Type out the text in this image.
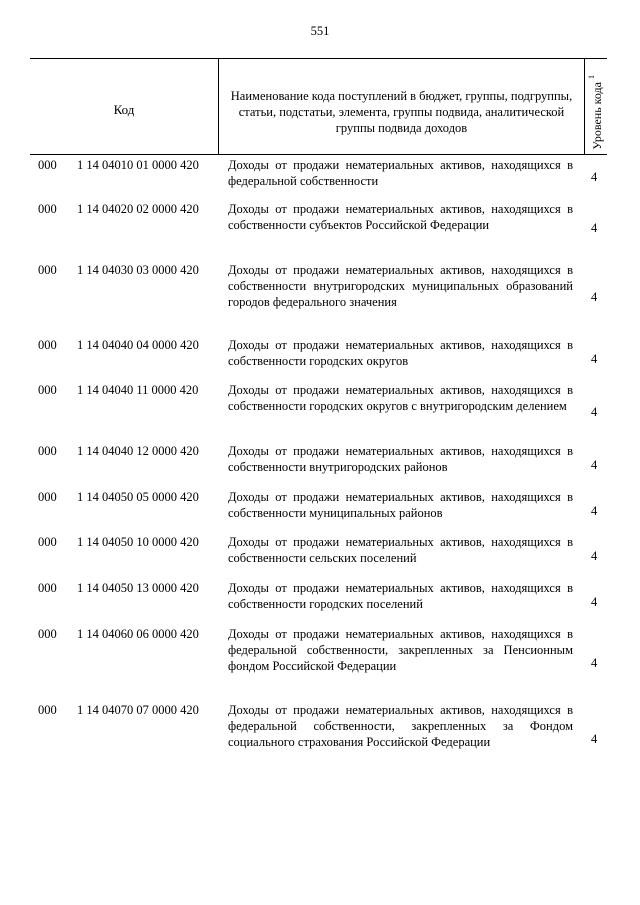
551
Код
Наименование кода поступлений в бюджет, группы, подгруппы, статьи, подстатьи, элемента, группы подвида, аналитической группы подвида доходов	Уровень кода $^1$
000 1 14 04010 01 0000 420 Доходы от продажи нематериальных активов, находящихся в федеральной собственности	4
000 1 14 04020 02 0000 420 Доходы от продажи нематериальных активов, находящихся в собственности субъектов Российской Федерации	4
000 1 14 04030 03 0000 420 Доходы от продажи нематериальных активов, находящихся в собственности внутригородских муниципальных образований городов федерального значения	4
000 1 14 04040 04 0000 420 Доходы от продажи нематериальных активов, находящихся в собственности городских округов	4
000 1 14 04040 11 0000 420 Доходы от продажи нематериальных активов, находящихся в собственности городских округов с внутригородским делением	4
000 1 14 04040 12 0000 420 Доходы от продажи нематериальных активов, находящихся в собственности внутригородских районов	4
000 1 14 04050 05 0000 420 Доходы от продажи нематериальных активов, находящихся в собственности муниципальных районов	4
000 1 14 04050 10 0000 420 Доходы от продажи нематериальных активов, находящихся в собственности сельских поселений	4
000 1 14 04050 13 0000 420 Доходы от продажи нематериальных активов, находящихся в собственности городских поселений	4
000 1 14 04060 06 0000 420 Доходы от продажи нематериальных активов, находящихся в федеральной собственности, закрепленных за Пенсионным фондом Российской Федерации	4
000 1 14 04070 07 0000 420 Доходы от продажи нематериальных активов, находящихся в федеральной собственности, закрепленных за Фондом социального страхования Российской Федерации	4
